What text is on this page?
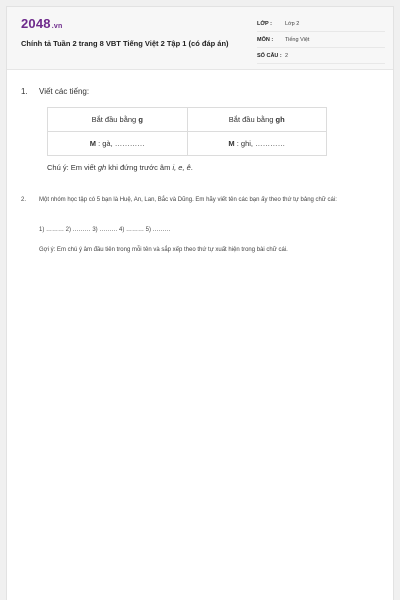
2048.vn
Chính tả Tuần 2 trang 8 VBT Tiếng Việt 2 Tập 1 (có đáp án)
LỚP :	Lớp 2
MÔN :	Tiếng Việt
SỐ CÂU : 2
1.	Viết các tiếng:
Bắt đầu bằng g	Bắt đầu bằng gh
M : gà, …………	M : ghi, …………
Chú ý: Em viết gh khi đứng trước âm i, e, ê.
2.	Một nhóm học tập có 5 bạn là Huệ, An, Lan, Bắc và Dũng. Em hãy viết tên các bạn ấy theo thứ tự bảng chữ cái:
1) ……… 2) ……… 3) ……… 4) ……… 5) ………
Gợi ý: Em chú ý âm đầu tiên trong mỗi tên và sắp xếp theo thứ tự xuất hiện trong bài chữ cái.
